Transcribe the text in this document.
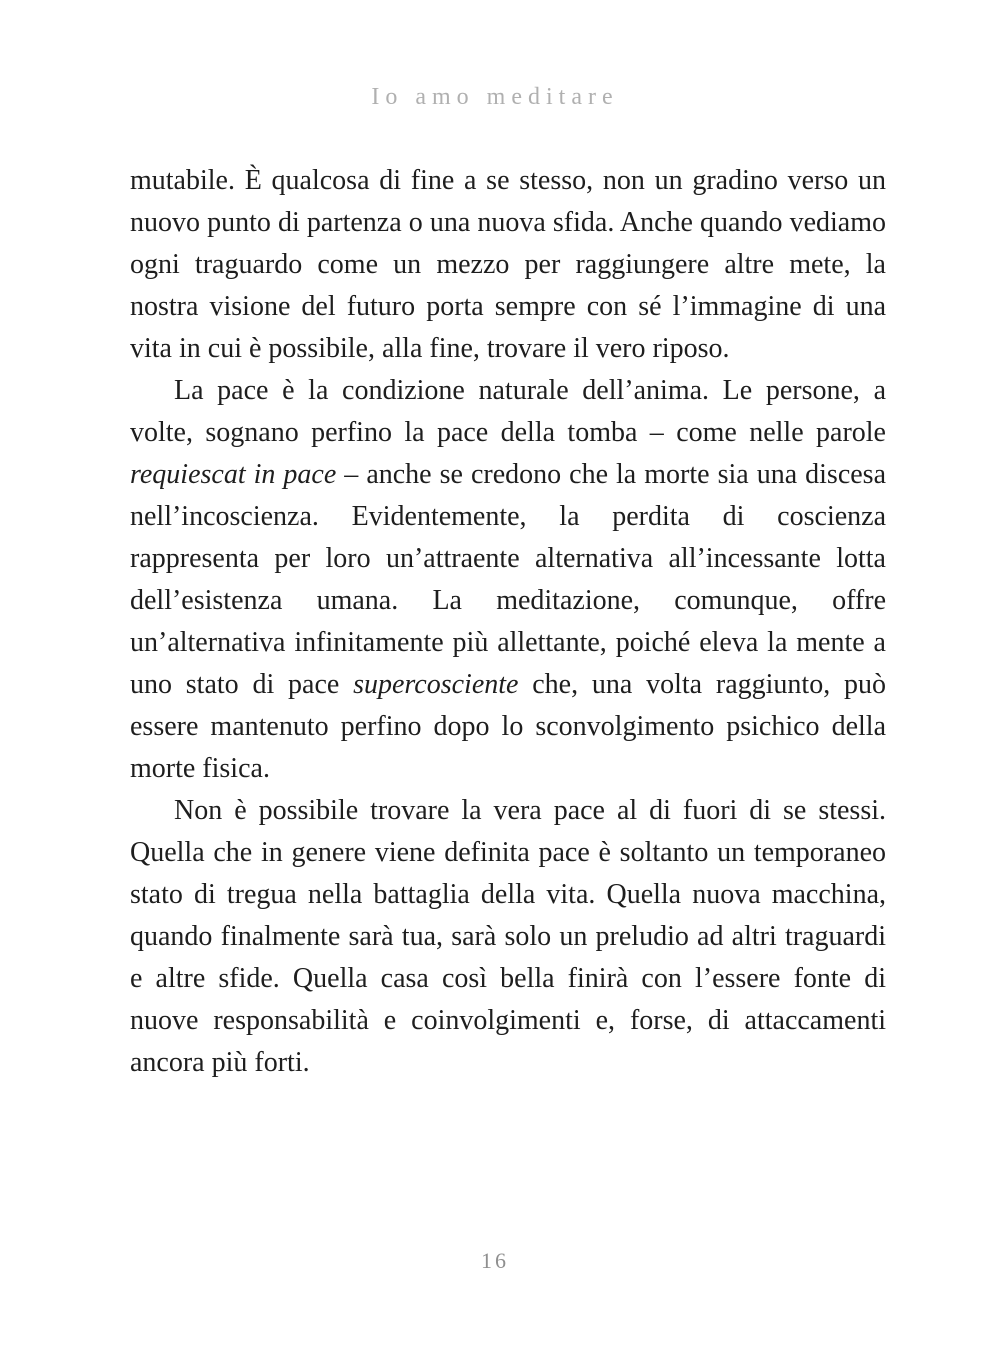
Io amo meditare

mutabile. È qualcosa di fine a se stesso, non un gradino verso un nuovo punto di partenza o una nuova sfida. Anche quando vediamo ogni traguardo come un mezzo per raggiungere altre mete, la nostra visione del futuro porta sempre con sé l’immagine di una vita in cui è possibile, alla fine, trovare il vero riposo.

La pace è la condizione naturale dell’anima. Le persone, a volte, sognano perfino la pace della tomba – come nelle parole requiescat in pace – anche se credono che la morte sia una discesa nell’incoscienza. Evidentemente, la perdita di coscienza rappresenta per loro un’attraente alternativa all’incessante lotta dell’esistenza umana. La meditazione, comunque, offre un’alternativa infinitamente più allettante, poiché eleva la mente a uno stato di pace supercosciente che, una volta raggiunto, può essere mantenuto perfino dopo lo sconvolgimento psichico della morte fisica.

Non è possibile trovare la vera pace al di fuori di se stessi. Quella che in genere viene definita pace è soltanto un temporaneo stato di tregua nella battaglia della vita. Quella nuova macchina, quando finalmente sarà tua, sarà solo un preludio ad altri traguardi e altre sfide. Quella casa così bella finirà con l’essere fonte di nuove responsabilità e coinvolgimenti e, forse, di attaccamenti ancora più forti.

16
